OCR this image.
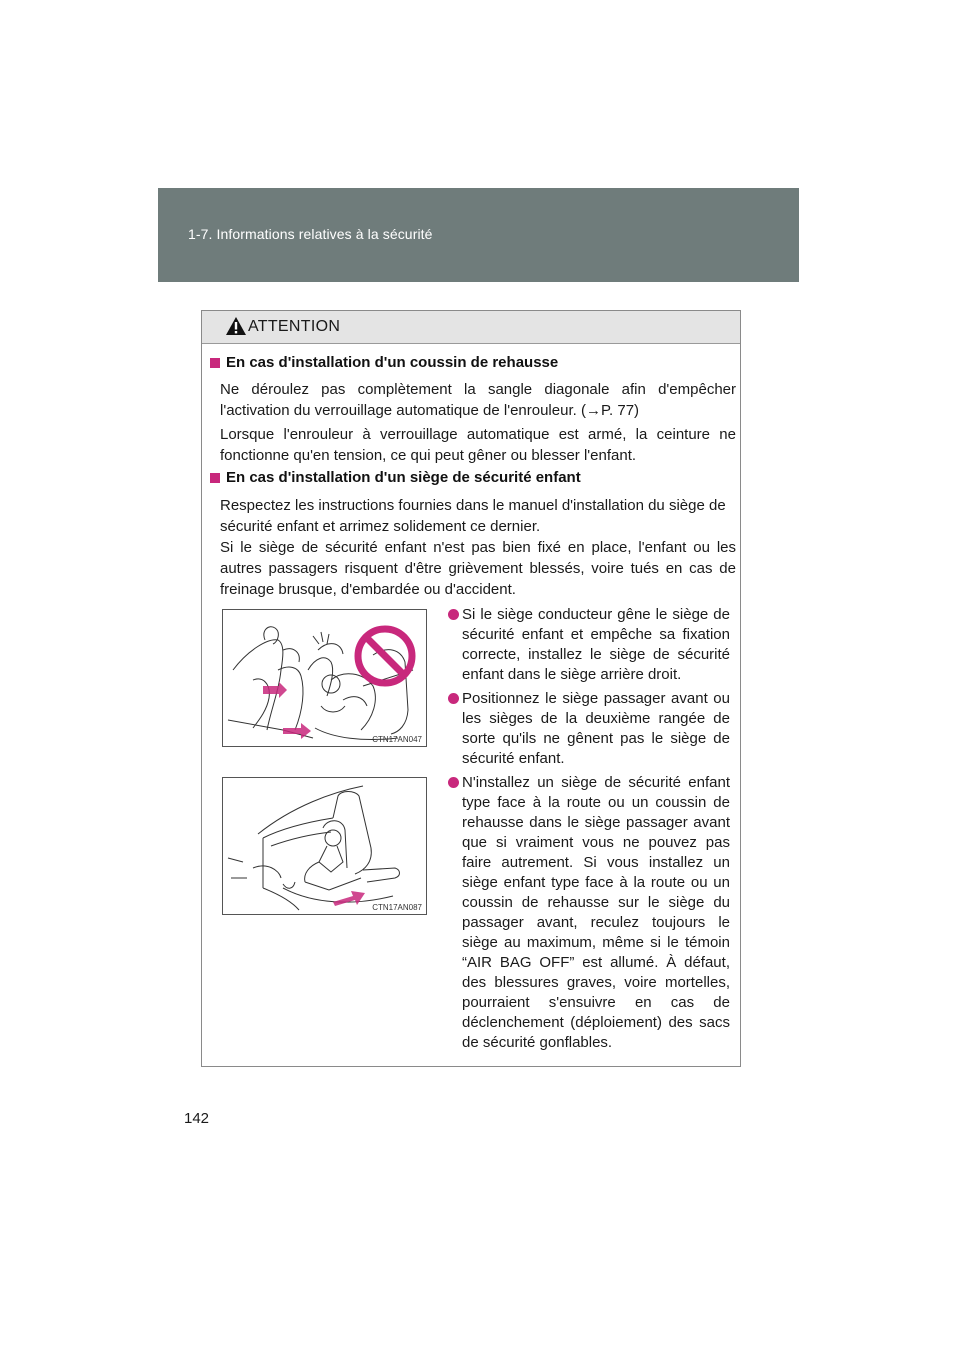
1-7. Informations relatives à la sécurité
ATTENTION
En cas d'installation d'un coussin de rehausse
Ne déroulez pas complètement la sangle diagonale afin d'empêcher
l'activation du verrouillage automatique de l'enrouleur. (→P. 77)
Lorsque l'enrouleur à verrouillage automatique est armé, la ceinture ne
fonctionne qu'en tension, ce qui peut gêner ou blesser l'enfant.
En cas d'installation d'un siège de sécurité enfant
Respectez les instructions fournies dans le manuel d'installation du siège de
sécurité enfant et arrimez solidement ce dernier.
Si le siège de sécurité enfant n'est pas bien fixé en place, l'enfant ou les
autres passagers risquent d'être grièvement blessés, voire tués en cas de
freinage brusque, d'embardée ou d'accident.
CTN17AN047
CTN17AN087
Si le siège conducteur gêne le siège de
sécurité enfant et empêche sa fixation
correcte, installez le siège de sécurité
enfant dans le siège arrière droit.
Positionnez le siège passager avant ou
les sièges de la deuxième rangée de
sorte qu'ils ne gênent pas le siège de
sécurité enfant.
N'installez un siège de sécurité enfant
type face à la route ou un coussin de
rehausse dans le siège passager avant
que si vraiment vous ne pouvez pas
faire autrement. Si vous installez un
siège enfant type face à la route ou un
coussin de rehausse sur le siège du
passager avant, reculez toujours le
siège au maximum, même si le témoin
“AIR BAG OFF” est allumé. À défaut,
des blessures graves, voire mortelles,
pourraient s'ensuivre en cas de
déclenchement (déploiement) des sacs
de sécurité gonflables.
142
